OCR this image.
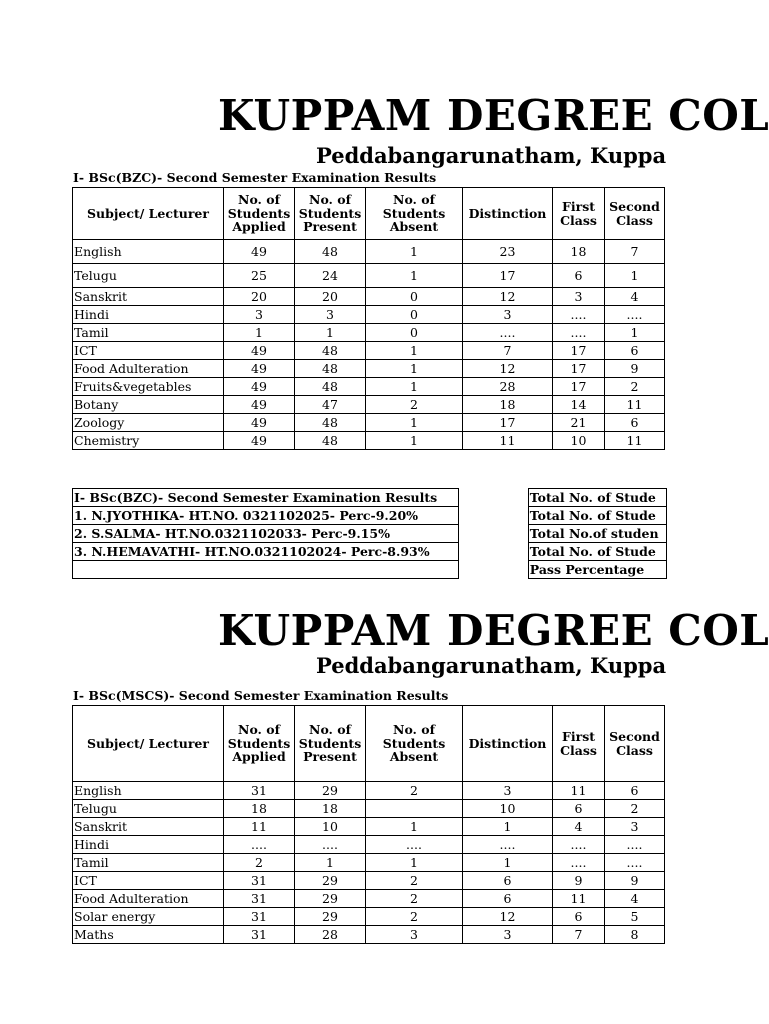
KUPPAM DEGREE COL
Peddabangarunatham, Kuppa
I- BSc(BZC)- Second Semester Examination Results
Subject/ Lecturer	No. of Students Applied	No. of Students Present	No. of Students Absent	Distinction	First Class	Second Class
English	49	48	1	23	18	7
Telugu	25	24	1	17	6	1
Sanskrit	20	20	0	12	3	4
Hindi	3	3	0	3	....	....
Tamil	1	1	0	....	....	1
ICT	49	48	1	7	17	6
Food Adulteration	49	48	1	12	17	9
Fruits&vegetables	49	48	1	28	17	2
Botany	49	47	2	18	14	11
Zoology	49	48	1	17	21	6
Chemistry	49	48	1	11	10	11
I- BSc(BZC)- Second Semester Examination Results		Total No. of Stude
1. N.JYOTHIKA- HT.NO. 0321102025- Perc-9.20%		Total No. of Stude
2. S.SALMA- HT.NO.0321102033- Perc-9.15%		Total No.of studen
3. N.HEMAVATHI- HT.NO.0321102024- Perc-8.93%		Total No. of Stude
		Pass Percentage
KUPPAM DEGREE COL
Peddabangarunatham, Kuppa
I- BSc(MSCS)- Second Semester Examination Results
Subject/ Lecturer	No. of Students Applied	No. of Students Present	No. of Students Absent	Distinction	First Class	Second Class
English	31	29	2	3	11	6
Telugu	18	18		10	6	2
Sanskrit	11	10	1	1	4	3
Hindi	....	....	....	....	....	....
Tamil	2	1	1	1	....	....
ICT	31	29	2	6	9	9
Food Adulteration	31	29	2	6	11	4
Solar energy	31	29	2	12	6	5
Maths	31	28	3	3	7	8
